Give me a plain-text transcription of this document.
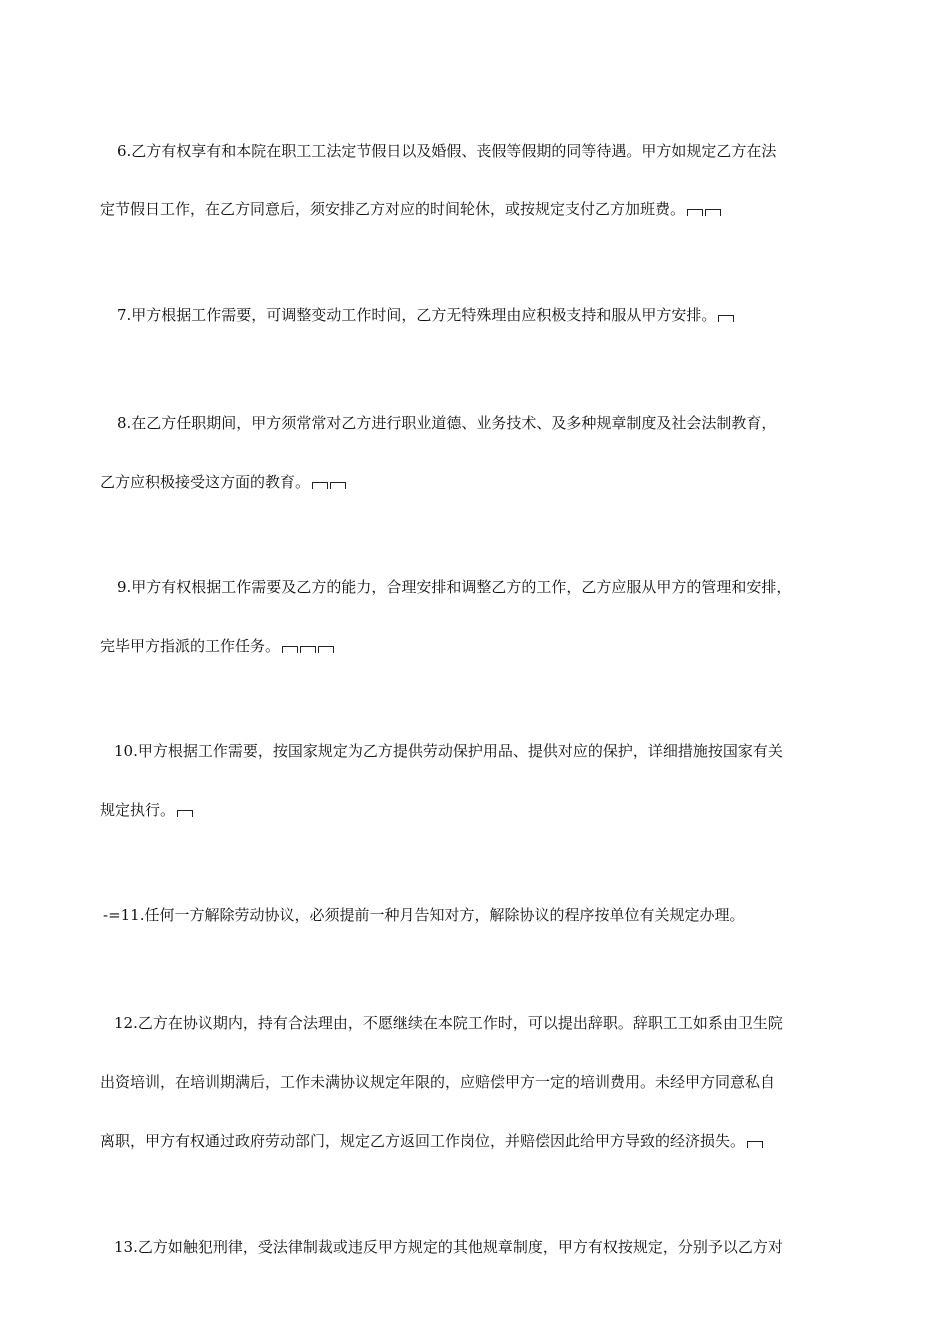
6.乙方有权享有和本院在职工工法定节假日以及婚假、丧假等假期的同等待遇。甲方如规定乙方在法
定节假日工作，在乙方同意后，须安排乙方对应的时间轮休，或按规定支付乙方加班费。
7.甲方根据工作需要，可调整变动工作时间，乙方无特殊理由应积极支持和服从甲方安排。
8.在乙方任职期间，甲方须常常对乙方进行职业道德、业务技术、及多种规章制度及社会法制教育，
乙方应积极接受这方面的教育。
9.甲方有权根据工作需要及乙方的能力，合理安排和调整乙方的工作，乙方应服从甲方的管理和安排，
完毕甲方指派的工作任务。
10.甲方根据工作需要，按国家规定为乙方提供劳动保护用品、提供对应的保护，详细措施按国家有关
规定执行。
-=11.任何一方解除劳动协议，必须提前一种月告知对方，解除协议的程序按单位有关规定办理。
12.乙方在协议期内，持有合法理由，不愿继续在本院工作时，可以提出辞职。辞职工工如系由卫生院
出资培训，在培训期满后，工作未满协议规定年限的，应赔偿甲方一定的培训费用。未经甲方同意私自
离职，甲方有权通过政府劳动部门，规定乙方返回工作岗位，并赔偿因此给甲方导致的经济损失。
13.乙方如触犯刑律，受法律制裁或违反甲方规定的其他规章制度，甲方有权按规定，分别予以乙方对
